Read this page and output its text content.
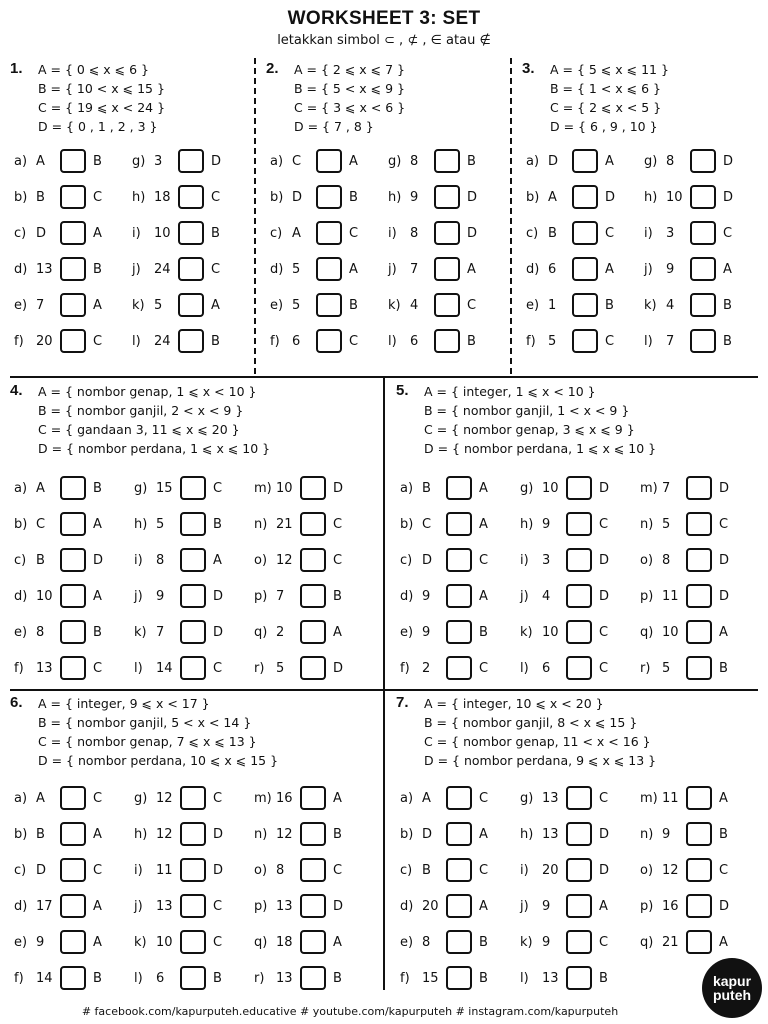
WORKSHEET 3: SET
letakkan simbol ⊂ , ⊄ , ∈ atau ∉
1. A = { 0 ⩽ x ⩽ 6 }
B = { 10 < x ⩽ 15 }
C = { 19 ⩽ x < 24 }
D = { 0 , 1 , 2 , 3 }
a) A	B
b) B	C
c) D	A
d) 13	B
e) 7	A
f) 20	C
g) 3	D
h) 18	C
i)	10	B
j)	24	C
k) 5	A
l)	24	B
2. A = { 2 ⩽ x ⩽ 7 }
B = { 5 < x ⩽ 9 }
C = { 3 ⩽ x < 6 }
D = { 7 , 8 }
a) C	A
b) D	B
c) A	C
d) 5	A
e) 5	B
f) 6	C
g) 8	B
h) 9	D
i)	8	D
j)	7	A
k) 4	C
l)	6	B
3. A = { 5 ⩽ x ⩽ 11 }
B = { 1 < x ⩽ 6 }
C = { 2 ⩽ x < 5 }
D = { 6 , 9 , 10 }
a) D	A
b) A	D
c) B	C
d) 6	A
e) 1	B
f) 5	C
g) 8	D
h) 10	D
i)	3	C
j)	9	A
k) 4	B
l)	7	B
4. A = { nombor genap, 1 ⩽ x < 10 }
B = { nombor ganjil, 2 < x < 9 }
C = { gandaan 3, 11 ⩽ x ⩽ 20 }
D = { nombor perdana, 1 ⩽ x ⩽ 10 }
a) A	B
b) C	A
c) B	D
d) 10	A
e) 8	B
f) 13	C
g) 15	C
h) 5	B
i)	8	A
j)	9	D
k) 7	D
l)	14	C
m) 10	D
n) 21	C
o) 12	C
p) 7	B
q) 2	A
r) 5	D
5. A = { integer, 1 ⩽ x < 10 }
B = { nombor ganjil, 1 < x < 9 }
C = { nombor genap, 3 ⩽ x ⩽ 9 }
D = { nombor perdana, 1 ⩽ x ⩽ 10 }
a) B	A
b) C	A
c) D	C
d) 9	A
e) 9	B
f) 2	C
g) 10	D
h) 9	C
i)	3	D
j)	4	D
k) 10	C
l)	6	C
m) 7	D
n) 5	C
o) 8	D
p) 11	D
q) 10	A
r) 5	B
6. A = { integer, 9 ⩽ x < 17 }
B = { nombor ganjil, 5 < x < 14 }
C = { nombor genap, 7 ⩽ x ⩽ 13 }
D = { nombor perdana, 10 ⩽ x ⩽ 15 }
a) A	C
b) B	A
c) D	C
d) 17	A
e) 9	A
f) 14	B
g) 12	C
h) 12	D
i)	11	D
j)	13	C
k) 10	C
l)	6	B
m) 16	A
n) 12	B
o) 8	C
p) 13	D
q) 18	A
r) 13	B
7. A = { integer, 10 ⩽ x < 20 }
B = { nombor ganjil, 8 < x ⩽ 15 }
C = { nombor genap, 11 < x < 16 }
D = { nombor perdana, 9 ⩽ x ⩽ 13 }
a) A	C
b) D	A
c) B	C
d) 20	A
e) 8	B
f) 15	B
g) 13	C
h) 13	D
i)	20	D
j)	9	A
k) 9	C
l)	13	B
m) 11	A
n) 9	B
o) 12	C
p) 16	D
q) 21	A
# facebook.com/kapurputeh.educative # youtube.com/kapurputeh # instagram.com/kapurputeh
kapur puteh
